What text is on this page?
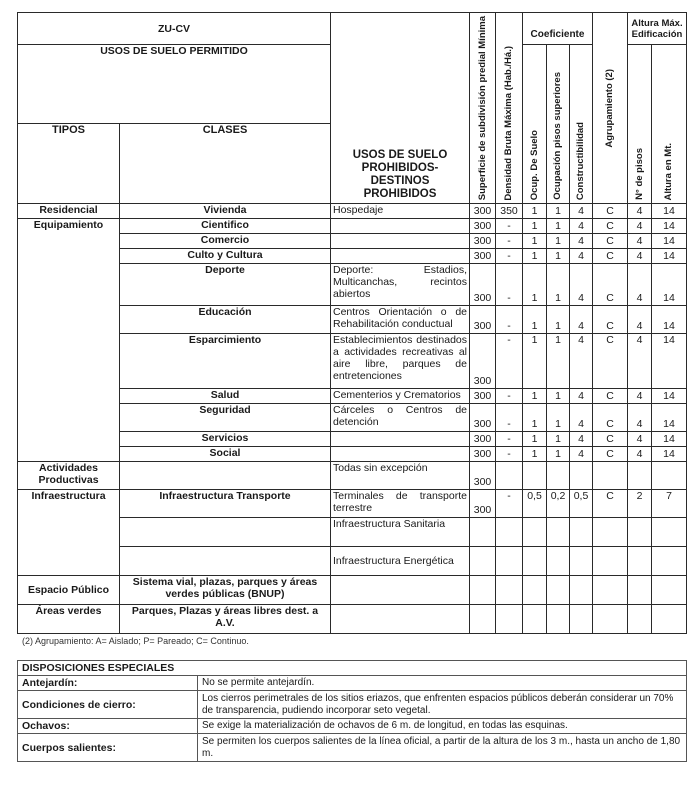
ZU-CV		USOS DE SUELO PROHIBIDOS- DESTINOS PROHIBIDOS	Superficie de subdivisión predial Mínima	Densidad Bruta Máxima (Hab./Há.)	Coeficiente			Agrupamiento (2)	Altura Máx. Edificación	
USOS DE SUELO PERMITIDO					Ocup. De Suelo	Ocupación pisos superiores	Constructibilidad		N° de pisos	Altura en Mt.

TIPOS	CLASES									
Residencial	Vivienda	Hospedaje	300	350	1	1	4	C	4	14
Equipamiento	Cientifico		300	-	1	1	4	C	4	14
	Comercio		300	-	1	1	4	C	4	14
	Culto y Cultura		300	-	1	1	4	C	4	14
	Deporte	Deporte: Estadios, Multicanchas, recintos abiertos	300	-	1	1	4	C	4	14
	Educación	Centros Orientación o de Rehabilitación conductual	300	-	1	1	4	C	4	14
	Esparcimiento	Establecimientos destinados a actividades recreativas al aire libre, parques de entretenciones	300	-	1	1	4	C	4	14
	Salud	Cementerios y Crematorios	300	-	1	1	4	C	4	14
	Seguridad	Cárceles o Centros de detención	300	-	1	1	4	C	4	14
	Servicios		300	-	1	1	4	C	4	14
	Social		300	-	1	1	4	C	4	14
Actividades Productivas		Todas sin excepción	300							
Infraestructura	Infraestructura Transporte	Terminales de transporte terrestre	300	-	0,5	0,2	0,5	C	2	7
		Infraestructura Sanitaria								
		Infraestructura Energética								
Espacio Público	Sistema vial, plazas, parques y áreas verdes públicas (BNUP)									
Áreas verdes	Parques, Plazas y áreas libres dest. a A.V.									
(2) Agrupamiento: A= Aislado; P= Pareado; C= Continuo.
DISPOSICIONES ESPECIALES	
Antejardín:	No se permite antejardín.
Condiciones de cierro:	Los cierros perimetrales de los sitios eriazos, que enfrenten espacios públicos deberán considerar un 70% de transparencia, pudiendo incorporar seto vegetal.
Ochavos:	Se exige la materialización de ochavos de 6 m. de longitud, en todas las esquinas.
Cuerpos salientes:	Se permiten los cuerpos salientes de la línea oficial, a partir de la altura de los 3 m., hasta un ancho de 1,80 m.
